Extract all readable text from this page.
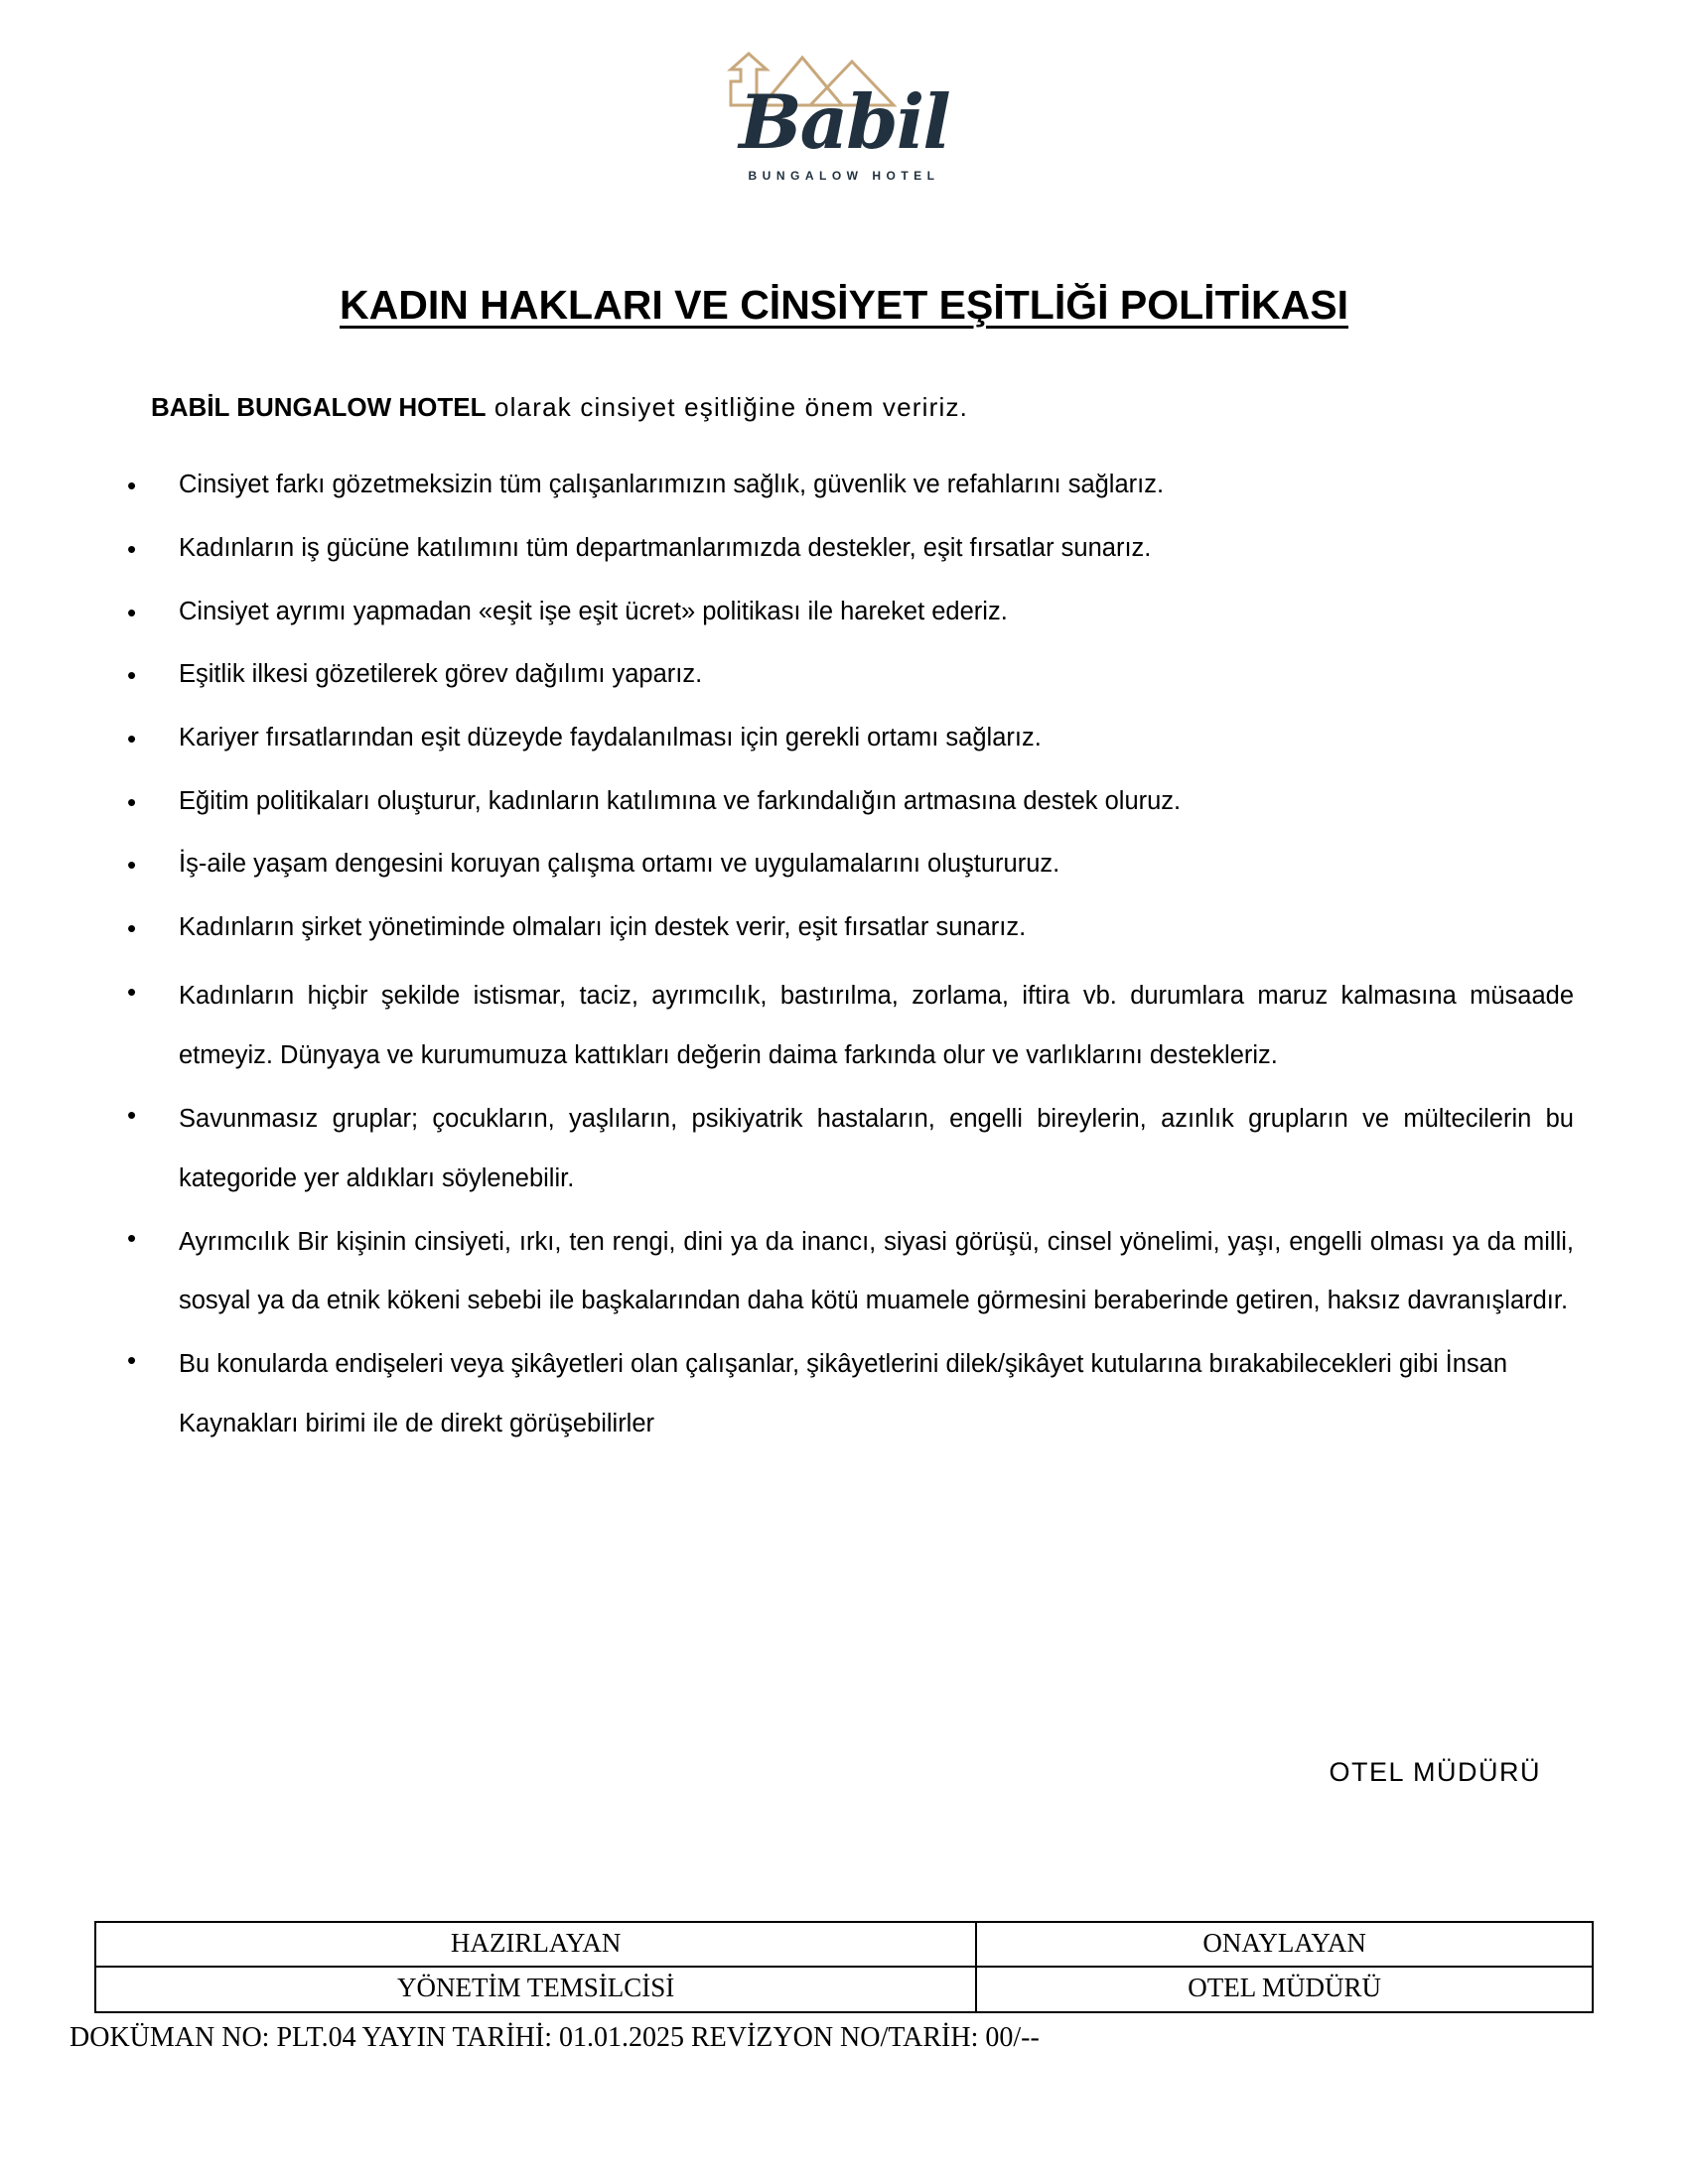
Babil
BUNGALOW HOTEL
KADIN HAKLARI VE CİNSİYET EŞİTLİĞİ POLİTİKASI

BABİL BUNGALOW HOTEL olarak cinsiyet eşitliğine önem veririz.

• Cinsiyet farkı gözetmeksizin tüm çalışanlarımızın sağlık, güvenlik ve refahlarını sağlarız.
• Kadınların iş gücüne katılımını tüm departmanlarımızda destekler, eşit fırsatlar sunarız.
• Cinsiyet ayrımı yapmadan «eşit işe eşit ücret» politikası ile hareket ederiz.
• Eşitlik ilkesi gözetilerek görev dağılımı yaparız.
• Kariyer fırsatlarından eşit düzeyde faydalanılması için gerekli ortamı sağlarız.
• Eğitim politikaları oluşturur, kadınların katılımına ve farkındalığın artmasına destek oluruz.
• İş-aile yaşam dengesini koruyan çalışma ortamı ve uygulamalarını oluştururuz.
• Kadınların şirket yönetiminde olmaları için destek verir, eşit fırsatlar sunarız.
• Kadınların hiçbir şekilde istismar, taciz, ayrımcılık, bastırılma, zorlama, iftira vb. durumlara maruz kalmasına müsaade etmeyiz. Dünyaya ve kurumumuza kattıkları değerin daima farkında olur ve varlıklarını destekleriz.
• Savunmasız gruplar; çocukların, yaşlıların, psikiyatrik hastaların, engelli bireylerin, azınlık grupların ve mültecilerin bu kategoride yer aldıkları söylenebilir.
• Ayrımcılık Bir kişinin cinsiyeti, ırkı, ten rengi, dini ya da inancı, siyasi görüşü, cinsel yönelimi, yaşı, engelli olması ya da milli, sosyal ya da etnik kökeni sebebi ile başkalarından daha kötü muamele görmesini beraberinde getiren, haksız davranışlardır.
• Bu konularda endişeleri veya şikâyetleri olan çalışanlar, şikâyetlerini dilek/şikâyet kutularına bırakabilecekleri gibi İnsan Kaynakları birimi ile de direkt görüşebilirler
OTEL MÜDÜRÜ
HAZIRLAYAN	ONAYLAYAN
YÖNETİM TEMSİLCİSİ	OTEL MÜDÜRÜ
DOKÜMAN NO: PLT.04 YAYIN TARİHİ: 01.01.2025 REVİZYON NO/TARİH: 00/--
